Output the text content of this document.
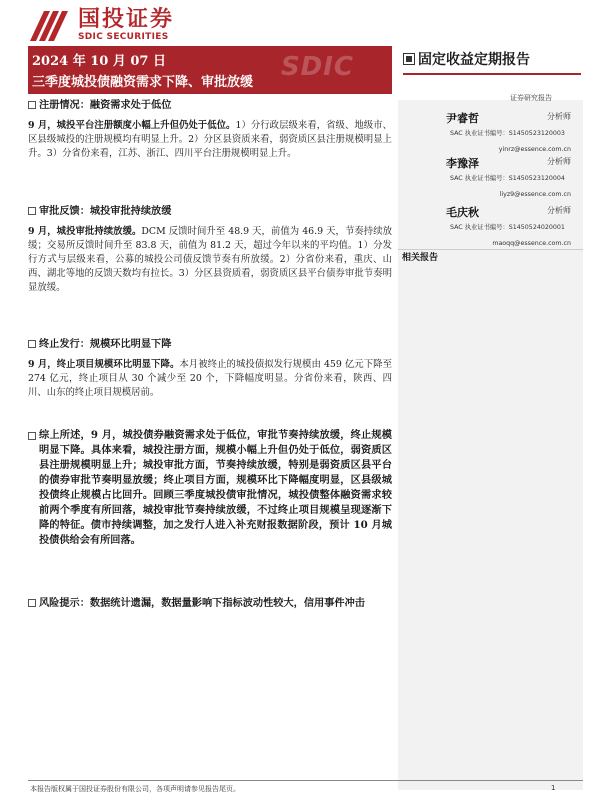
国投证券
SDIC SECURITIES
2024 年 10 月 07 日
三季度城投债融资需求下降、审批放缓
SDIC	固定收益定期报告
证券研究报告
尹睿哲	分析师
SAC 执业证书编号：S1450523120003
yinrz@essence.com.cn
李豫泽	分析师
SAC 执业证书编号：S1450523120004
liyz9@essence.com.cn
毛庆秋	分析师
SAC 执业证书编号：S1450524020001
maoqq@essence.com.cn
相关报告
注册情况：融资需求处于低位
9 月，城投平台注册额度小幅上升但仍处于低位。1）分行政层级来看，省级、地级市、区县级城投的注册规模均有明显上升。2）分区县资质来看，弱资质区县注册规模明显上升。3）分省份来看，江苏、浙江、四川平台注册规模明显上升。
审批反馈：城投审批持续放缓
9 月，城投审批持续放缓。DCM 反馈时间升至 48.9 天，前值为 46.9 天，节奏持续放缓；交易所反馈时间升至 83.8 天，前值为 81.2 天，超过今年以来的平均值。1）分发行方式与层级来看，公募的城投公司债反馈节奏有所放缓。2）分省份来看，重庆、山西、湖北等地的反馈天数均有拉长。3）分区县资质看，弱资质区县平台债券审批节奏明显放缓。
终止发行：规模环比明显下降
9 月，终止项目规模环比明显下降。本月被终止的城投债拟发行规模由 459 亿元下降至 274 亿元，终止项目从 30 个减少至 20 个，下降幅度明显。分省份来看，陕西、四川、山东的终止项目规模居前。
综上所述，9 月，城投债券融资需求处于低位，审批节奏持续放缓，终止规模明显下降。具体来看，城投注册方面，规模小幅上升但仍处于低位，弱资质区县注册规模明显上升；城投审批方面，节奏持续放缓，特别是弱资质区县平台的债券审批节奏明显放缓；终止项目方面，规模环比下降幅度明显，区县级城投债终止规模占比回升。回顾三季度城投债审批情况，城投债整体融资需求较前两个季度有所回落，城投审批节奏持续放缓，不过终止项目规模呈现逐渐下降的特征。债市持续调整，加之发行人进入补充财报数据阶段，预计 10 月城投债供给会有所回落。
风险提示：数据统计遗漏，数据量影响下指标波动性较大，信用事件冲击
本报告版权属于国投证券股份有限公司，各项声明请参见报告尾页。	1
